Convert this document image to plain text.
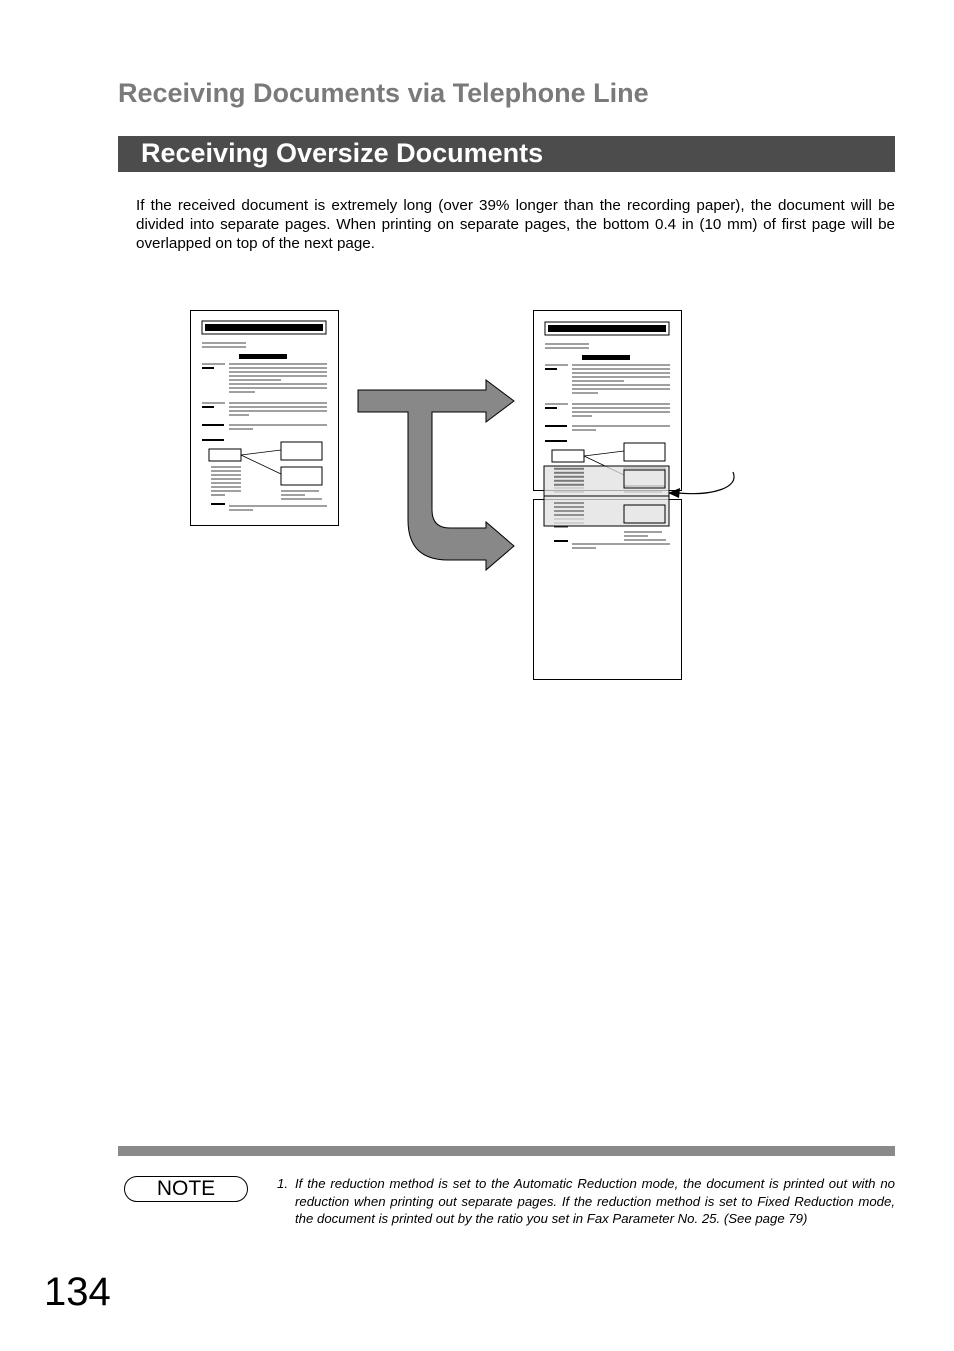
Receiving Documents via Telephone Line
Receiving Oversize Documents
If the received document is extremely long (over 39% longer than the recording paper), the document will be divided into separate pages. When printing on separate pages, the bottom 0.4 in (10 mm) of first page will be overlapped on top of the next page.
NOTE	1. If the reduction method is set to the Automatic Reduction mode, the document is printed out with no reduction when printing out separate pages. If the reduction method is set to Fixed Reduction mode, the document is printed out by the ratio you set in Fax Parameter No. 25. (See page 79)
134
